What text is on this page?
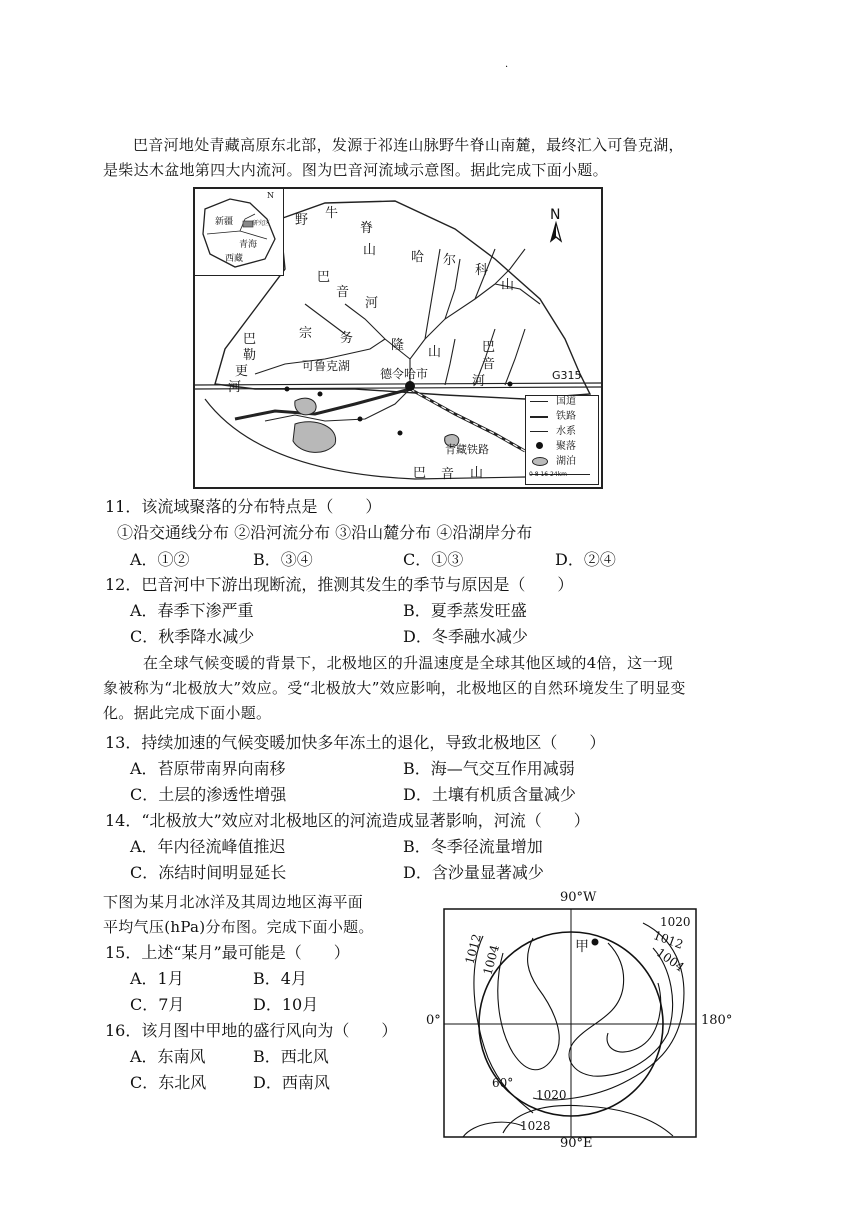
·
巴音河地处青藏高原东北部，发源于祁连山脉野牛脊山南麓，最终汇入可鲁克湖，
是柴达木盆地第四大内流河。图为巴音河流域示意图。据此完成下面小题。
N
N
新疆	研究区
青海
西藏
野 牛
脊
山	哈 尔
科
山
巴
音
河
宗 务	隆 山
巴
勒
更
河
巴
音
河
巴 音 山
可鲁克湖
德令哈市	G315
青藏铁路
国道
铁路
水系
聚落
湖泊
0 8 16 24km
11．该流域聚落的分布特点是（　　）
①沿交通线分布 ②沿河流分布 ③沿山麓分布 ④沿湖岸分布
A．①②	B．③④	C．①③	D．②④
12．巴音河中下游出现断流，推测其发生的季节与原因是（　　）
A．春季下渗严重	B．夏季蒸发旺盛
C．秋季降水减少	D．冬季融水减少
在全球气候变暖的背景下，北极地区的升温速度是全球其他区域的4倍，这一现
象被称为“北极放大”效应。受“北极放大”效应影响，北极地区的自然环境发生了明显变
化。据此完成下面小题。
13．持续加速的气候变暖加快多年冻土的退化，导致北极地区（　　）
A．苔原带南界向南移	B．海—气交互作用减弱
C．土层的渗透性增强	D．土壤有机质含量减少
14．“北极放大”效应对北极地区的河流造成显著影响，河流（　　）
A．年内径流峰值推迟	B．冬季径流量增加
C．冻结时间明显延长	D．含沙量显著减少
下图为某月北冰洋及其周边地区海平面
平均气压(hPa)分布图。完成下面小题。
15．上述“某月”最可能是（　　）
A．1月	B．4月
C．7月	D．10月
16．该月图中甲地的盛行风向为（　　）
A．东南风	B．西北风
C．东北风	D．西南风
90°W
90°E
0°	180°
1020
1012
1004
1012
1004
1020
1028
60°
甲
